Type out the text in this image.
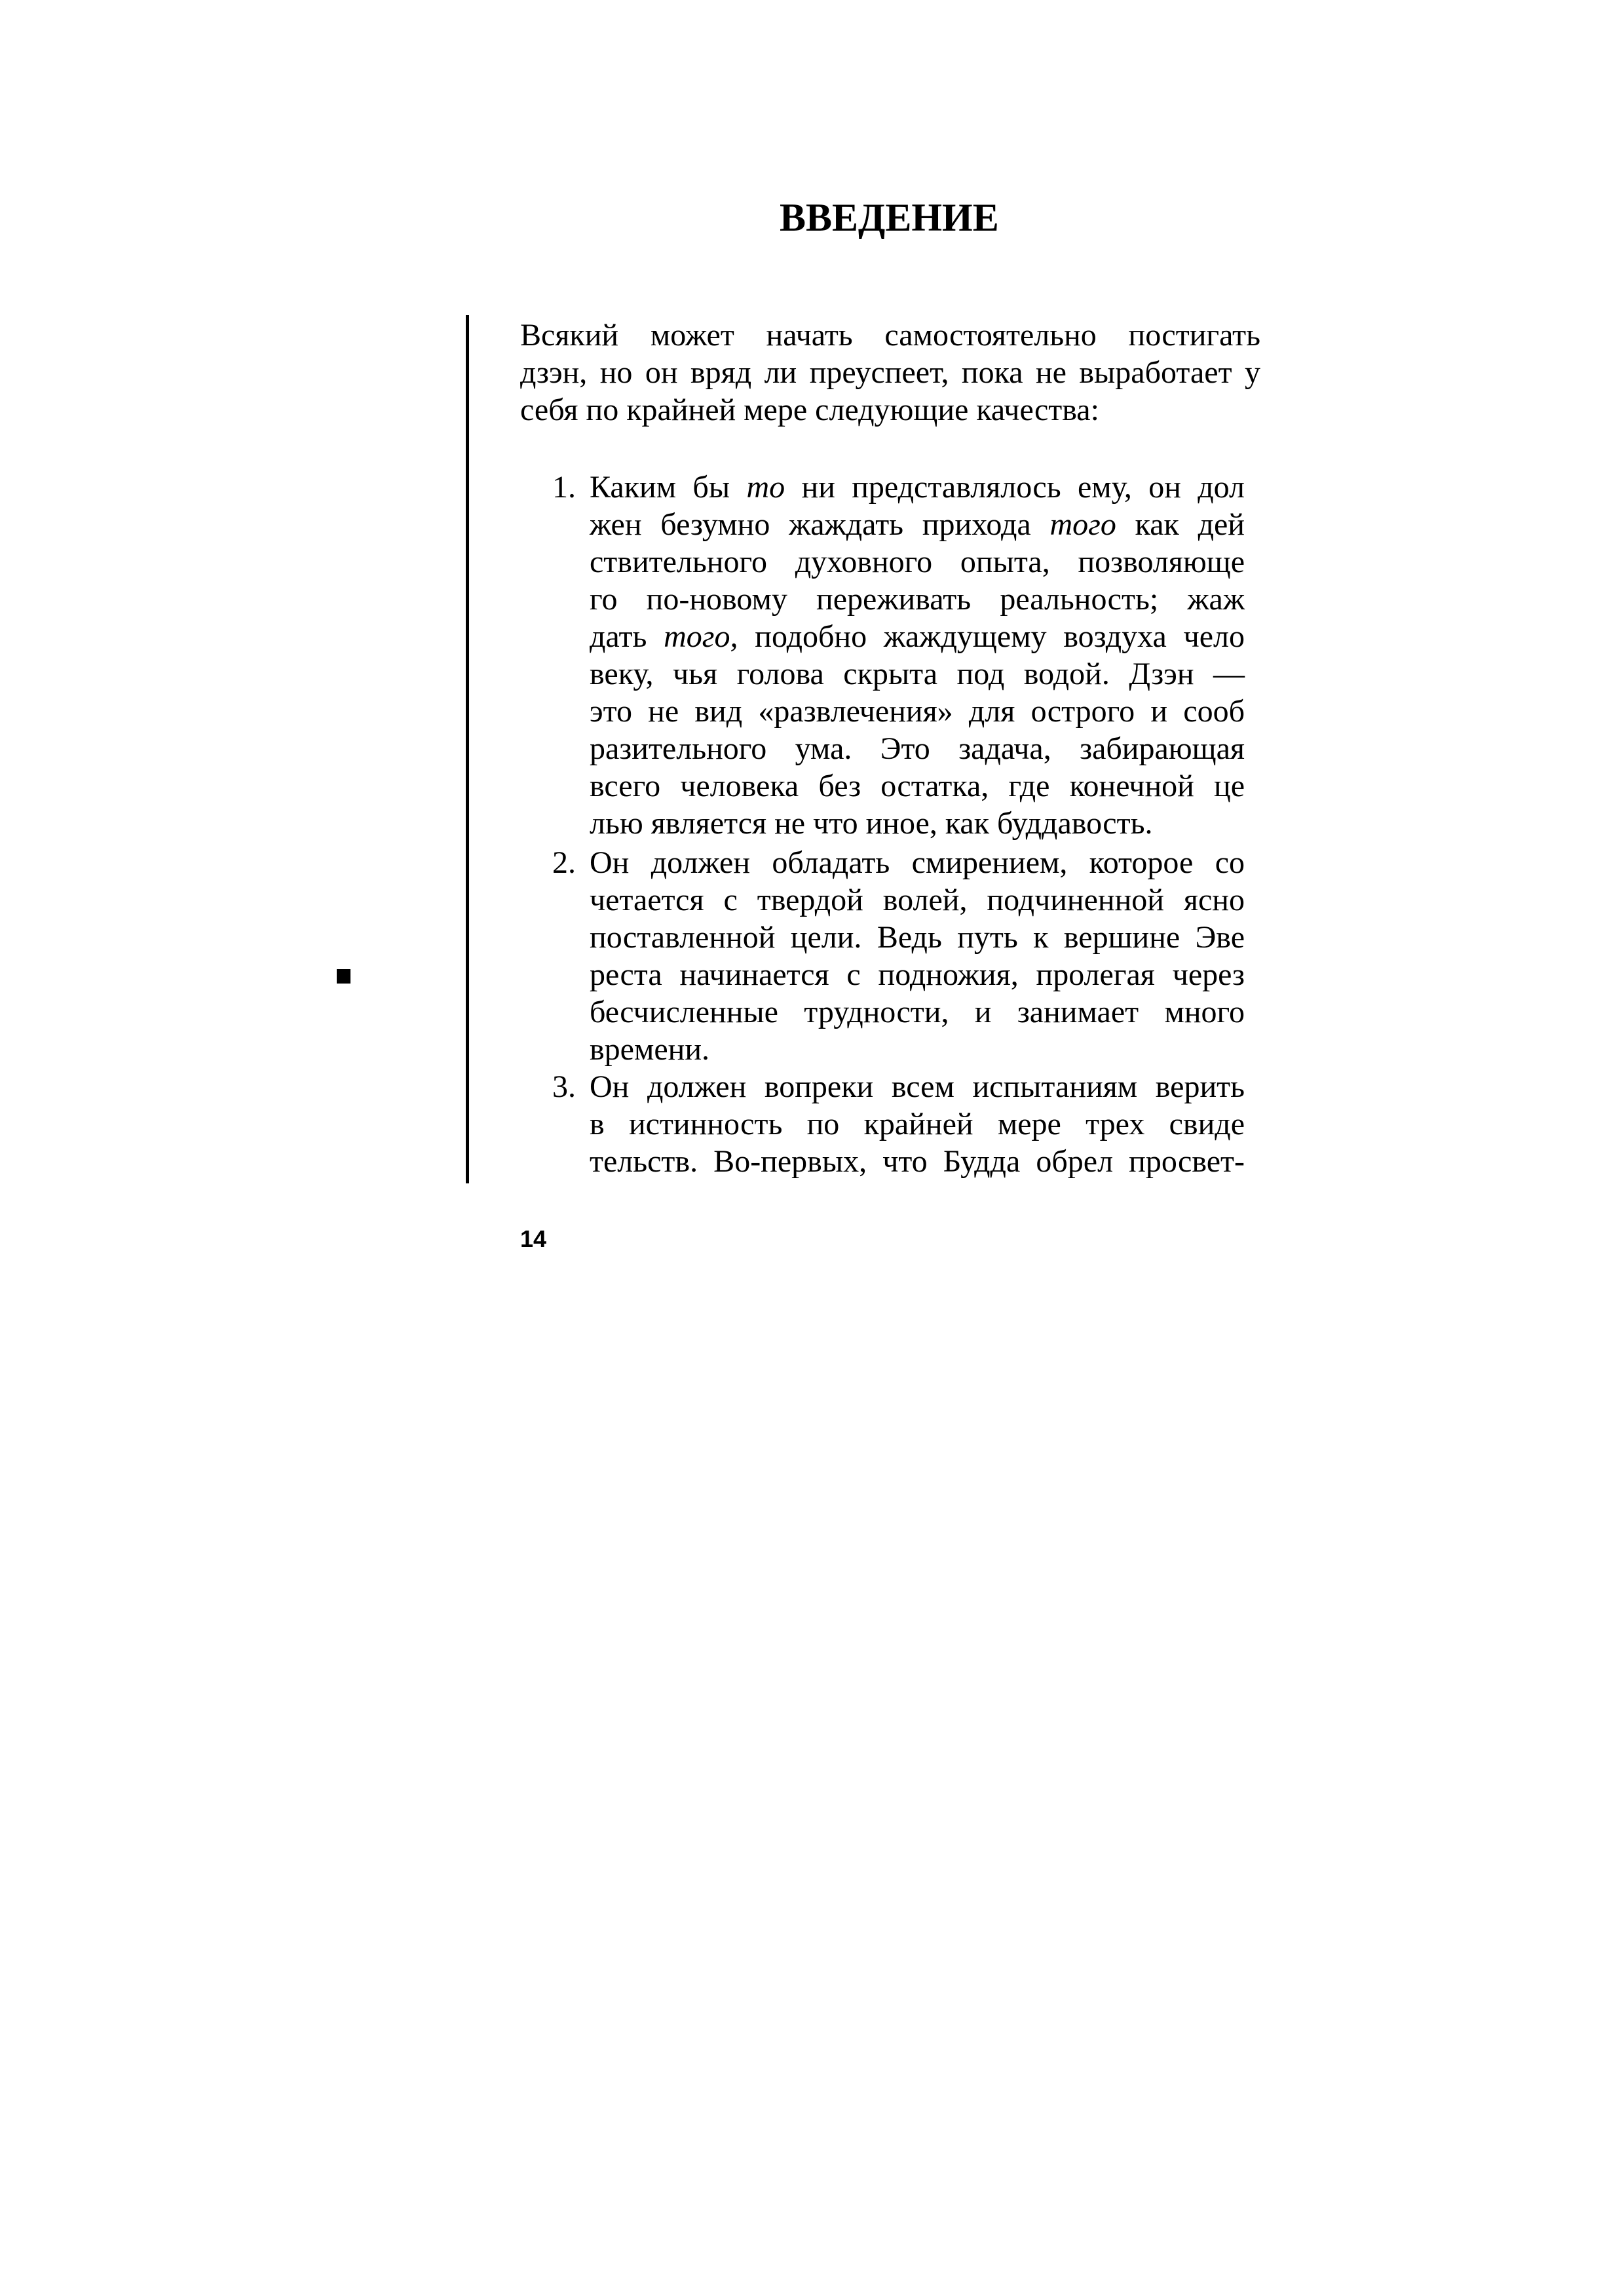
ВВЕДЕНИЕ
Всякий может начать самостоятельно постигать
дзэн, но он вряд ли преуспеет, пока не выработает у
себя по крайней мере следующие качества:
1. Каким бы то ни представлялось ему, он дол
жен безумно жаждать прихода того как дей
ствительного духовного опыта, позволяюще
го по-новому переживать реальность; жаж
дать того, подобно жаждущему воздуха чело
веку, чья голова скрыта под водой. Дзэн —
это не вид «развлечения» для острого и сооб
разительного ума. Это задача, забирающая
всего человека без остатка, где конечной це
лью является не что иное, как буддавость.
2. Он должен обладать смирением, которое со
четается с твердой волей, подчиненной ясно
поставленной цели. Ведь путь к вершине Эве
реста начинается с подножия, пролегая через
бесчисленные трудности, и занимает много
времени.
3. Он должен вопреки всем испытаниям верить
в истинность по крайней мере трех свиде
тельств. Во-первых, что Будда обрел просвет-
14
